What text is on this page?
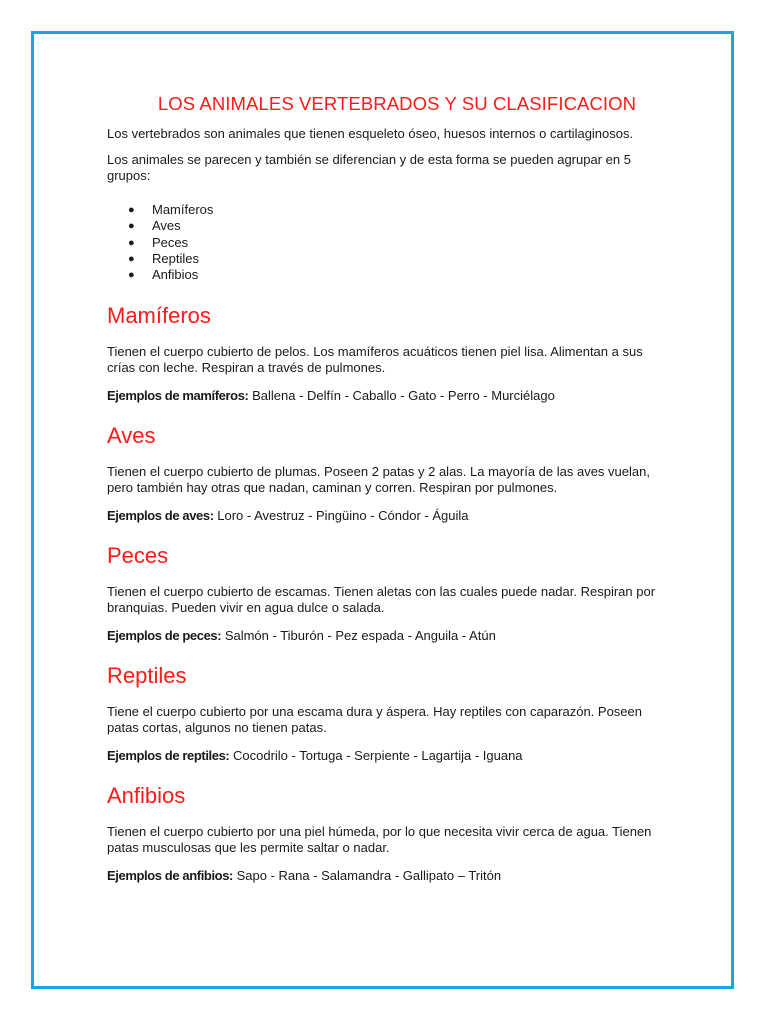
LOS ANIMALES VERTEBRADOS Y SU CLASIFICACION

Los vertebrados son animales que tienen esqueleto óseo, huesos internos o cartilaginosos.

Los animales se parecen y también se diferencian y de esta forma se pueden agrupar en 5 grupos:

● Mamíferos
● Aves
● Peces
● Reptiles
● Anfibios
Mamíferos

Tienen el cuerpo cubierto de pelos. Los mamíferos acuáticos tienen piel lisa. Alimentan a sus crías con leche. Respiran a través de pulmones.

Ejemplos de mamíferos: Ballena - Delfín - Caballo - Gato - Perro - Murciélago

Aves

Tienen el cuerpo cubierto de plumas. Poseen 2 patas y 2 alas. La mayoría de las aves vuelan, pero también hay otras que nadan, caminan y corren. Respiran por pulmones.

Ejemplos de aves: Loro - Avestruz - Pingüino - Cóndor - Águila

Peces

Tienen el cuerpo cubierto de escamas. Tienen aletas con las cuales puede nadar. Respiran por branquias. Pueden vivir en agua dulce o salada.

Ejemplos de peces: Salmón - Tiburón - Pez espada - Anguila - Atún

Reptiles

Tiene el cuerpo cubierto por una escama dura y áspera. Hay reptiles con caparazón. Poseen patas cortas, algunos no tienen patas.

Ejemplos de reptiles: Cocodrilo - Tortuga - Serpiente - Lagartija - Iguana

Anfibios

Tienen el cuerpo cubierto por una piel húmeda, por lo que necesita vivir cerca de agua. Tienen patas musculosas que les permite saltar o nadar.

Ejemplos de anfibios: Sapo - Rana - Salamandra - Gallipato – Tritón
